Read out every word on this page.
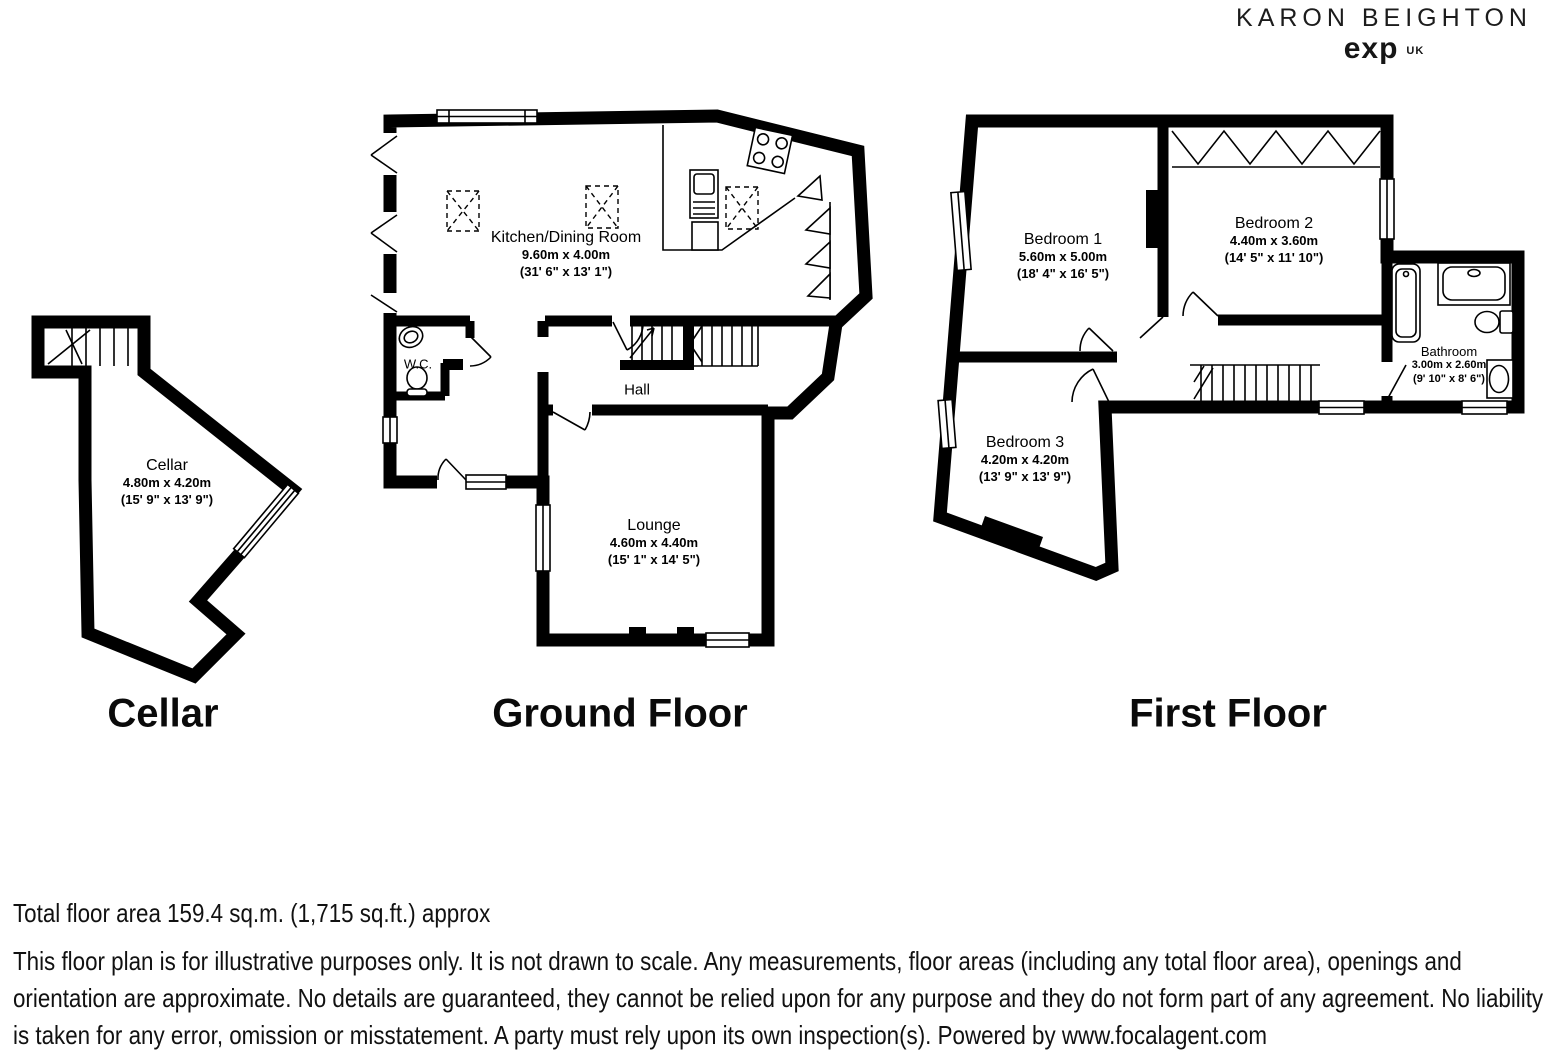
KARON BEIGHTON
exp $^{UK}$
Cellar
4.80m x 4.20m
(15' 9" x 13' 9")
Kitchen/Dining Room
9.60m x 4.00m
(31' 6" x 13' 1")
W.C.
Hall
Lounge
4.60m x 4.40m
(15' 1" x 14' 5")
Bedroom 1
5.60m x 5.00m
(18' 4" x 16' 5")
Bedroom 2
4.40m x 3.60m
(14' 5" x 11' 10")
Bedroom 3
4.20m x 4.20m
(13' 9" x 13' 9")
Bathroom
3.00m x 2.60m
(9' 10" x 8' 6")
Cellar	Ground Floor	First Floor
Total floor area 159.4 sq.m. (1,715 sq.ft.) approx
This floor plan is for illustrative purposes only. It is not drawn to scale. Any measurements, floor areas (including any total floor area), openings and orientation are approximate. No details are guaranteed, they cannot be relied upon for any purpose and they do not form part of any agreement. No liability is taken for any error, omission or misstatement. A party must rely upon its own inspection(s). Powered by www.focalagent.com
